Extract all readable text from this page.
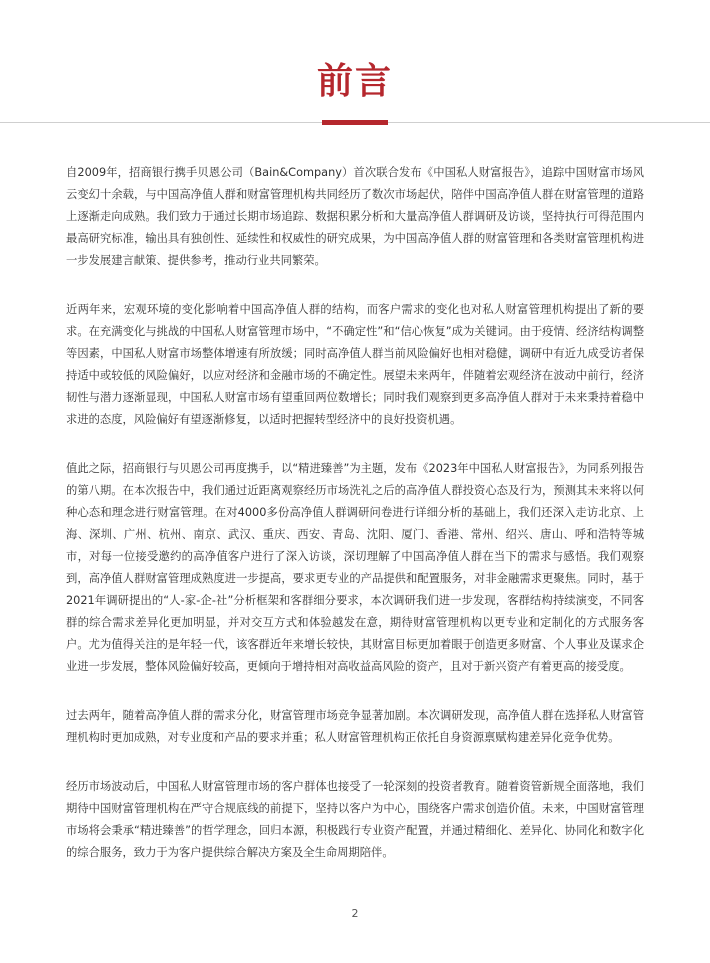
前言

自2009年，招商银行携手贝恩公司（Bain&Company）首次联合发布《中国私人财富报告》，追踪中国财富市场风云变幻十余载，与中国高净值人群和财富管理机构共同经历了数次市场起伏，陪伴中国高净值人群在财富管理的道路上逐渐走向成熟。我们致力于通过长期市场追踪、数据积累分析和大量高净值人群调研及访谈，坚持执行可得范围内最高研究标准，输出具有独创性、延续性和权威性的研究成果，为中国高净值人群的财富管理和各类财富管理机构进一步发展建言献策、提供参考，推动行业共同繁荣。

近两年来，宏观环境的变化影响着中国高净值人群的结构，而客户需求的变化也对私人财富管理机构提出了新的要求。在充满变化与挑战的中国私人财富管理市场中，“不确定性”和“信心恢复”成为关键词。由于疫情、经济结构调整等因素，中国私人财富市场整体增速有所放缓；同时高净值人群当前风险偏好也相对稳健，调研中有近九成受访者保持适中或较低的风险偏好，以应对经济和金融市场的不确定性。展望未来两年，伴随着宏观经济在波动中前行，经济韧性与潜力逐渐显现，中国私人财富市场有望重回两位数增长；同时我们观察到更多高净值人群对于未来秉持着稳中求进的态度，风险偏好有望逐渐修复，以适时把握转型经济中的良好投资机遇。

值此之际，招商银行与贝恩公司再度携手，以“精进臻善”为主题，发布《2023年中国私人财富报告》，为同系列报告的第八期。在本次报告中，我们通过近距离观察经历市场洗礼之后的高净值人群投资心态及行为，预测其未来将以何种心态和理念进行财富管理。在对4000多份高净值人群调研问卷进行详细分析的基础上，我们还深入走访北京、上海、深圳、广州、杭州、南京、武汉、重庆、西安、青岛、沈阳、厦门、香港、常州、绍兴、唐山、呼和浩特等城市，对每一位接受邀约的高净值客户进行了深入访谈，深切理解了中国高净值人群在当下的需求与感悟。我们观察到，高净值人群财富管理成熟度进一步提高，要求更专业的产品提供和配置服务，对非金融需求更聚焦。同时，基于2021年调研提出的“人-家-企-社”分析框架和客群细分要求，本次调研我们进一步发现，客群结构持续演变，不同客群的综合需求差异化更加明显，并对交互方式和体验越发在意，期待财富管理机构以更专业和定制化的方式服务客户。尤为值得关注的是年轻一代，该客群近年来增长较快，其财富目标更加着眼于创造更多财富、个人事业及谋求企业进一步发展，整体风险偏好较高，更倾向于增持相对高收益高风险的资产，且对于新兴资产有着更高的接受度。

过去两年，随着高净值人群的需求分化，财富管理市场竞争显著加剧。本次调研发现，高净值人群在选择私人财富管理机构时更加成熟，对专业度和产品的要求并重；私人财富管理机构正依托自身资源禀赋构建差异化竞争优势。

经历市场波动后，中国私人财富管理市场的客户群体也接受了一轮深刻的投资者教育。随着资管新规全面落地，我们期待中国财富管理机构在严守合规底线的前提下，坚持以客户为中心，围绕客户需求创造价值。未来，中国财富管理市场将会秉承“精进臻善”的哲学理念，回归本源，积极践行专业资产配置，并通过精细化、差异化、协同化和数字化的综合服务，致力于为客户提供综合解决方案及全生命周期陪伴。

2
